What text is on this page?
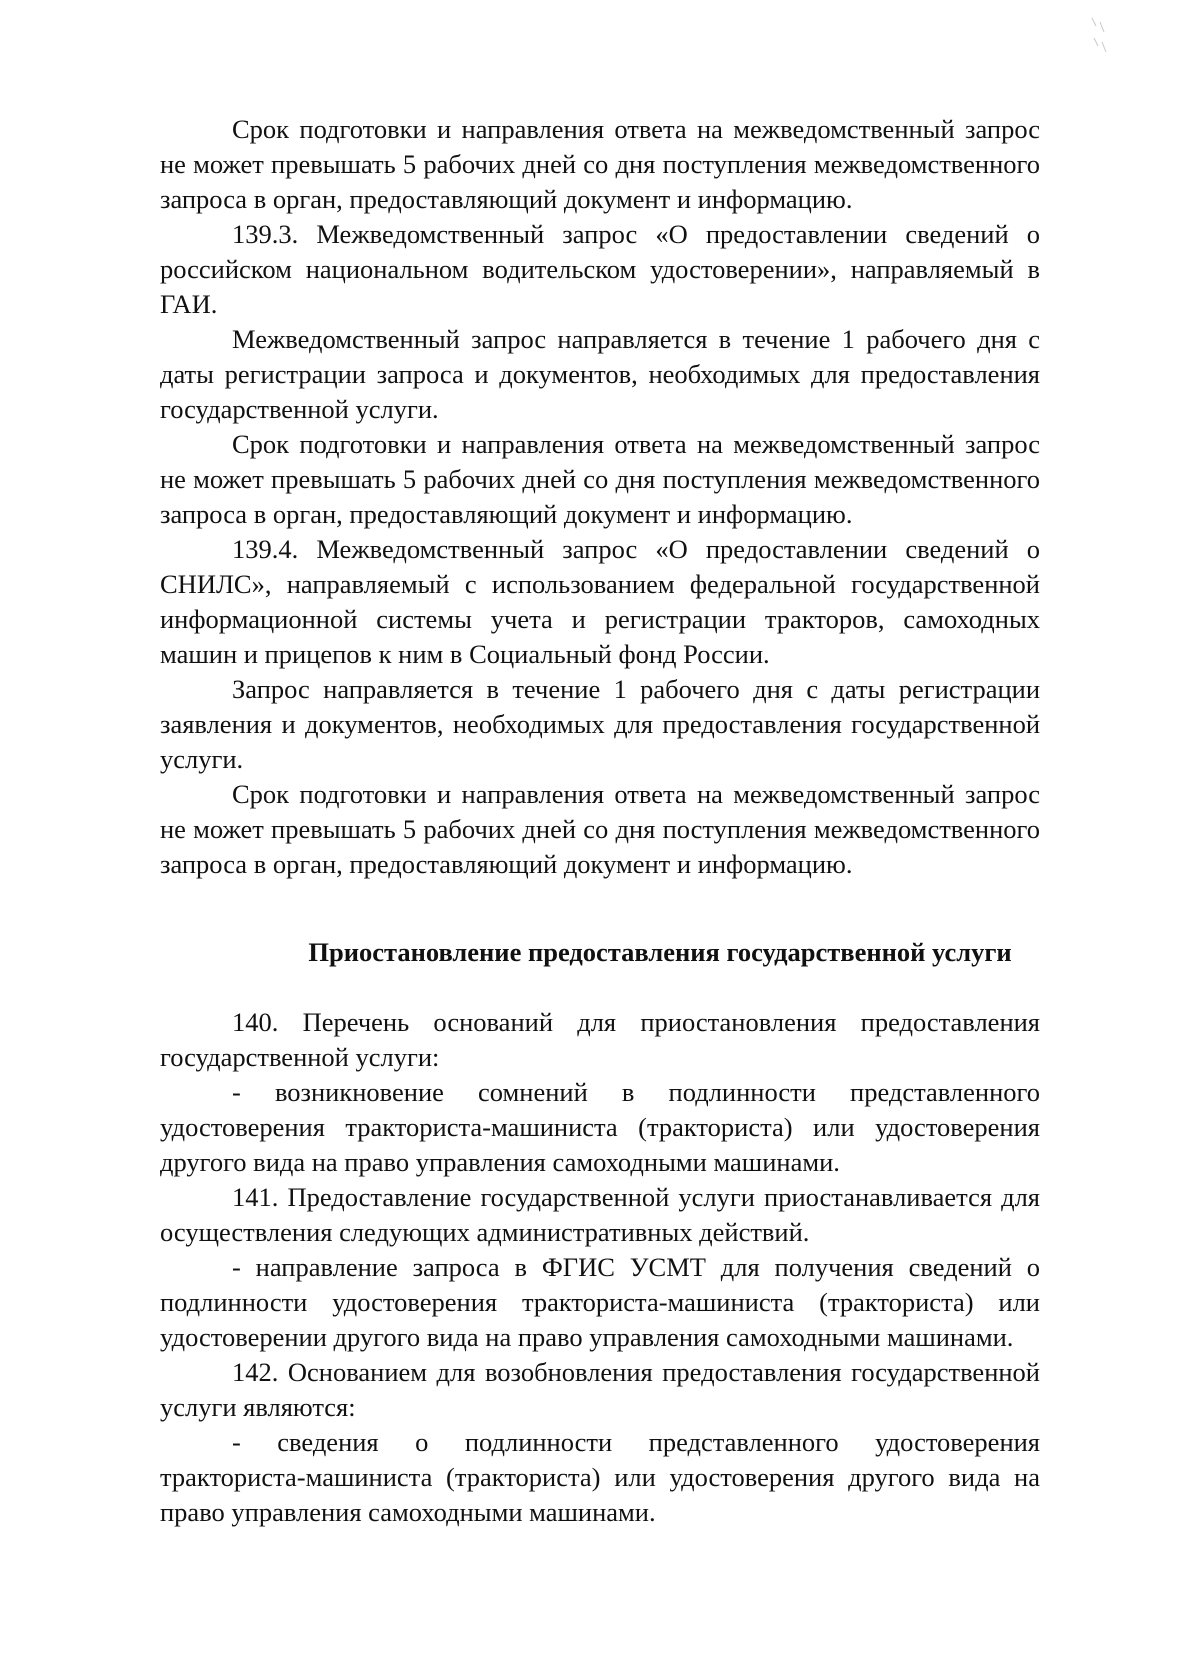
Срок подготовки и направления ответа на межведомственный запрос не может превышать 5 рабочих дней со дня поступления межведомственного запроса в орган, предоставляющий документ и информацию.

139.3. Межведомственный запрос «О предоставлении сведений о российском национальном водительском удостоверении», направляемый в ГАИ.

Межведомственный запрос направляется в течение 1 рабочего дня с даты регистрации запроса и документов, необходимых для предоставления государственной услуги.

Срок подготовки и направления ответа на межведомственный запрос не может превышать 5 рабочих дней со дня поступления межведомственного запроса в орган, предоставляющий документ и информацию.

139.4. Межведомственный запрос «О предоставлении сведений о СНИЛС», направляемый с использованием федеральной государственной информационной системы учета и регистрации тракторов, самоходных машин и прицепов к ним в Социальный фонд России.

Запрос направляется в течение 1 рабочего дня с даты регистрации заявления и документов, необходимых для предоставления государственной услуги.

Срок подготовки и направления ответа на межведомственный запрос не может превышать 5 рабочих дней со дня поступления межведомственного запроса в орган, предоставляющий документ и информацию.

Приостановление предоставления государственной услуги

140. Перечень оснований для приостановления предоставления государственной услуги:

- возникновение сомнений в подлинности представленного удостоверения тракториста-машиниста (тракториста) или удостоверения другого вида на право управления самоходными машинами.

141. Предоставление государственной услуги приостанавливается для осуществления следующих административных действий.

- направление запроса в ФГИС УСМТ для получения сведений о подлинности удостоверения тракториста-машиниста (тракториста) или удостоверении другого вида на право управления самоходными машинами.

142. Основанием для возобновления предоставления государственной услуги являются:

- сведения о подлинности представленного удостоверения тракториста-машиниста (тракториста) или удостоверения другого вида на право управления самоходными машинами.
